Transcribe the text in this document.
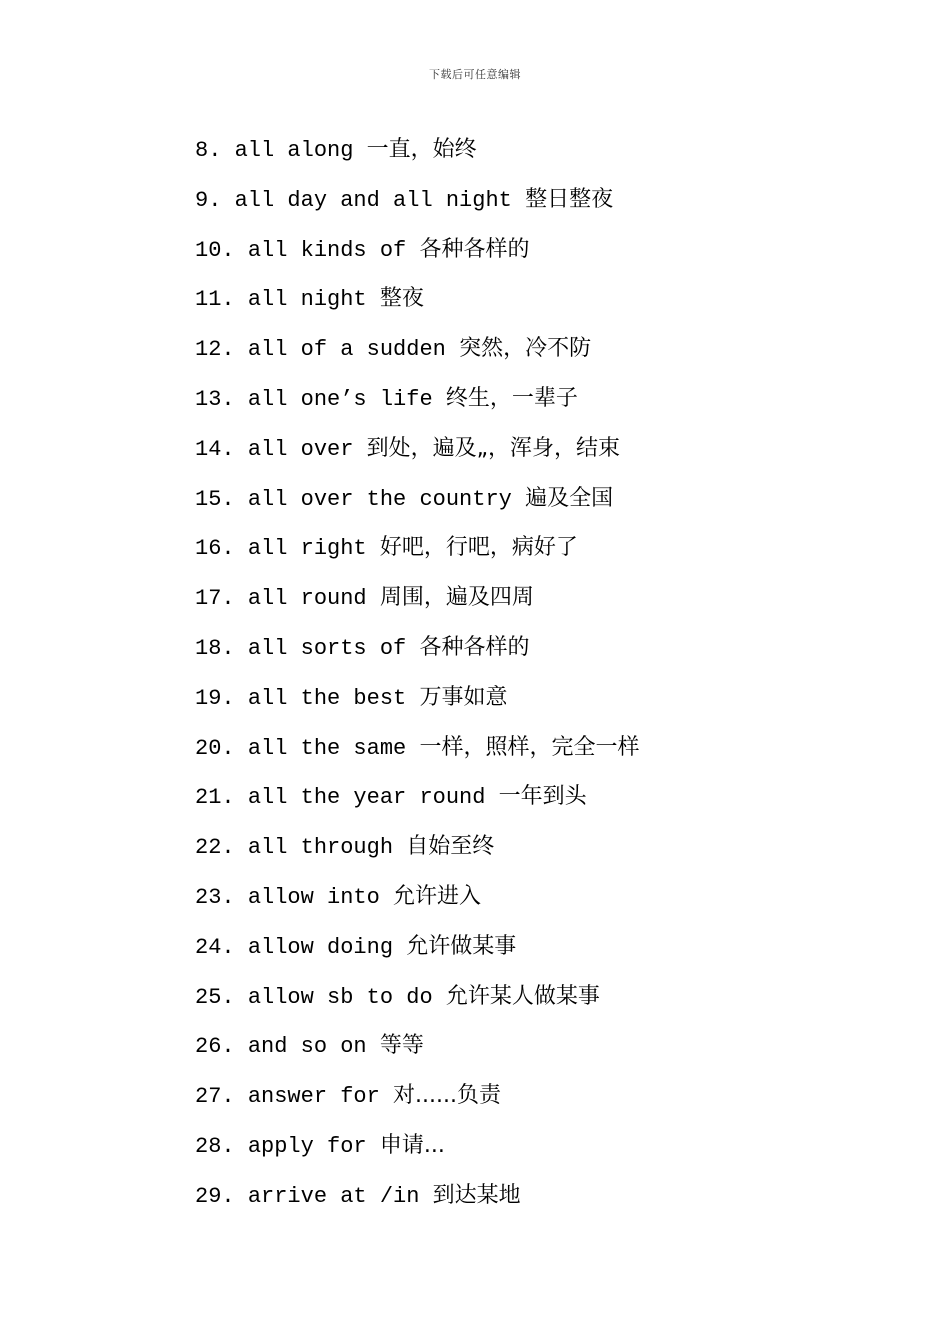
下载后可任意编辑
8. all along 一直，始终
9. all day and all night 整日整夜
10. all kinds of 各种各样的
11. all night 整夜
12. all of a sudden 突然，冷不防
13. all one’s life 终生，一辈子
14. all over 到处，遍及„，浑身，结束
15. all over the country 遍及全国
16. all right 好吧，行吧，病好了
17. all round 周围，遍及四周
18. all sorts of 各种各样的
19. all the best 万事如意
20. all the same 一样，照样，完全一样
21. all the year round 一年到头
22. all through 自始至终
23. allow into 允许进入
24. allow doing 允许做某事
25. allow sb to do 允许某人做某事
26. and so on 等等
27. answer for 对......负责
28. apply for 申请...
29. arrive at /in 到达某地
